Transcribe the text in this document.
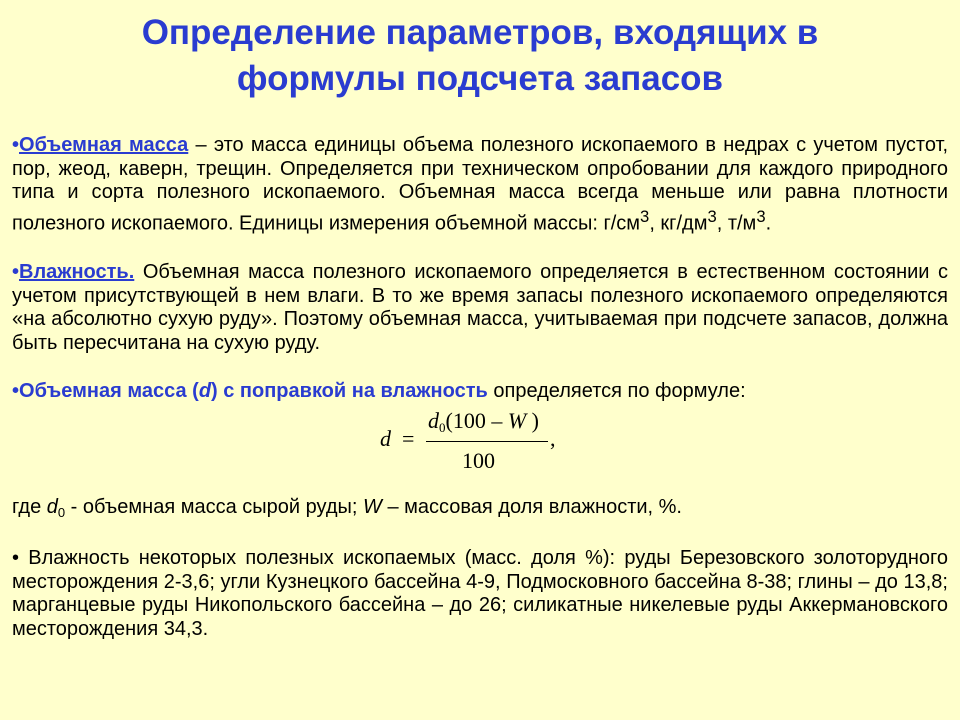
Определение параметров, входящих в
формулы подсчета запасов
•Объемная масса – это масса единицы объема полезного ископаемого в недрах с учетом пустот, пор, жеод, каверн, трещин. Определяется при техническом опробовании для каждого природного типа и сорта полезного ископаемого. Объемная масса всегда меньше или равна плотности полезного ископаемого. Единицы измерения объемной массы: $г/см^3$, $кг/дм^3$, $т/м^3$.
•Влажность. Объемная масса полезного ископаемого определяется в естественном состоянии с учетом присутствующей в нем влаги. В то же время запасы полезного ископаемого определяются «на абсолютно сухую руду». Поэтому объемная масса, учитываемая при подсчете запасов, должна быть пересчитана на сухую руду.
•Объемная масса (d) с поправкой на влажность определяется по формуле:
d =
$d_0(100$ – W )
100
,
где $d_0$ - объемная масса сырой руды; W – массовая доля влажности, %.
• Влажность некоторых полезных ископаемых (масс. доля %): руды Березовского золоторудного месторождения 2-3,6; угли Кузнецкого бассейна 4-9, Подмосковного бассейна 8-38; глины – до 13,8; марганцевые руды Никопольского бассейна – до 26; силикатные никелевые руды Аккермановского месторождения 34,3.
